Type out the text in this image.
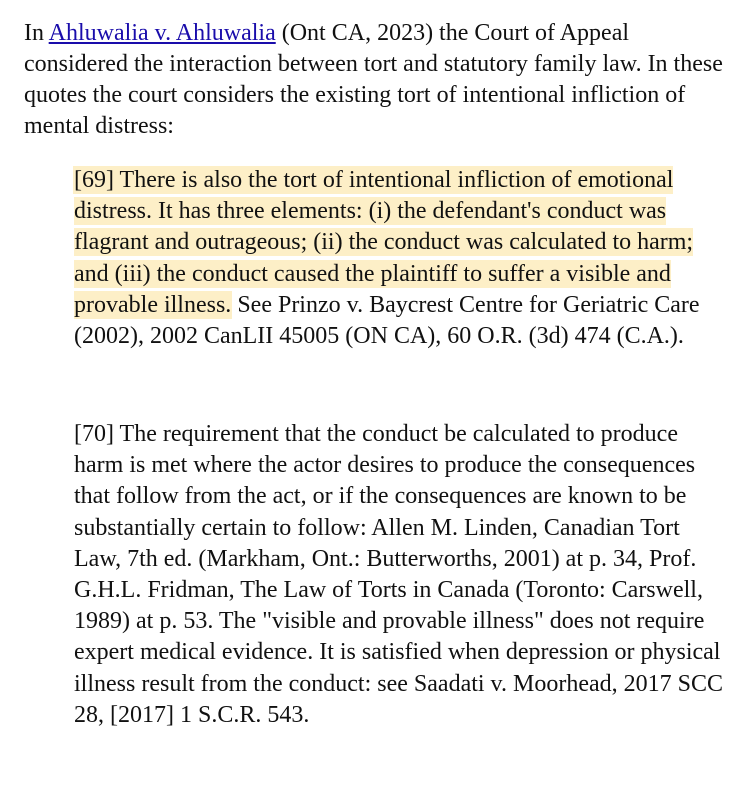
In Ahluwalia v. Ahluwalia (Ont CA, 2023) the Court of Appeal considered the interaction between tort and statutory family law. In these quotes the court considers the existing tort of intentional infliction of mental distress:

[69] There is also the tort of intentional infliction of emotional distress. It has three elements: (i) the defendant's conduct was flagrant and outrageous; (ii) the conduct was calculated to harm; and (iii) the conduct caused the plaintiff to suffer a visible and provable illness. See Prinzo v. Baycrest Centre for Geriatric Care (2002), 2002 CanLII 45005 (ON CA), 60 O.R. (3d) 474 (C.A.).

[70] The requirement that the conduct be calculated to produce harm is met where the actor desires to produce the consequences that follow from the act, or if the consequences are known to be substantially certain to follow: Allen M. Linden, Canadian Tort Law, 7th ed. (Markham, Ont.: Butterworths, 2001) at p. 34, Prof. G.H.L. Fridman, The Law of Torts in Canada (Toronto: Carswell, 1989) at p. 53. The "visible and provable illness" does not require expert medical evidence. It is satisfied when depression or physical illness result from the conduct: see Saadati v. Moorhead, 2017 SCC 28, [2017] 1 S.C.R. 543.
